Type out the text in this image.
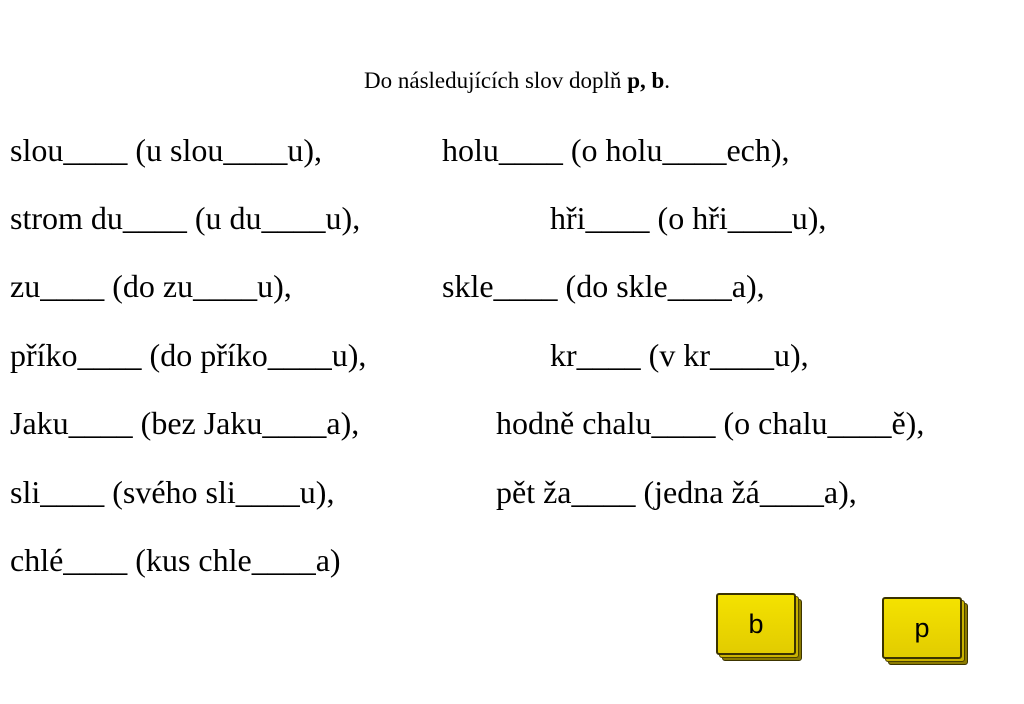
Do následujících slov doplň p, b.
slou____ (u slou____u),	holu____ (o holu____ech),
strom du____ (u du____u),	hři____ (o hři____u),
zu____ (do zu____u),	skle____ (do skle____a),
příko____ (do příko____u),	kr____ (v kr____u),
Jaku____ (bez Jaku____a),	hodně chalu____ (o chalu____ě),
sli____ (svého sli____u),	pět ža____ (jedna žá____a),
chlé____ (kus chle____a)
b	p
